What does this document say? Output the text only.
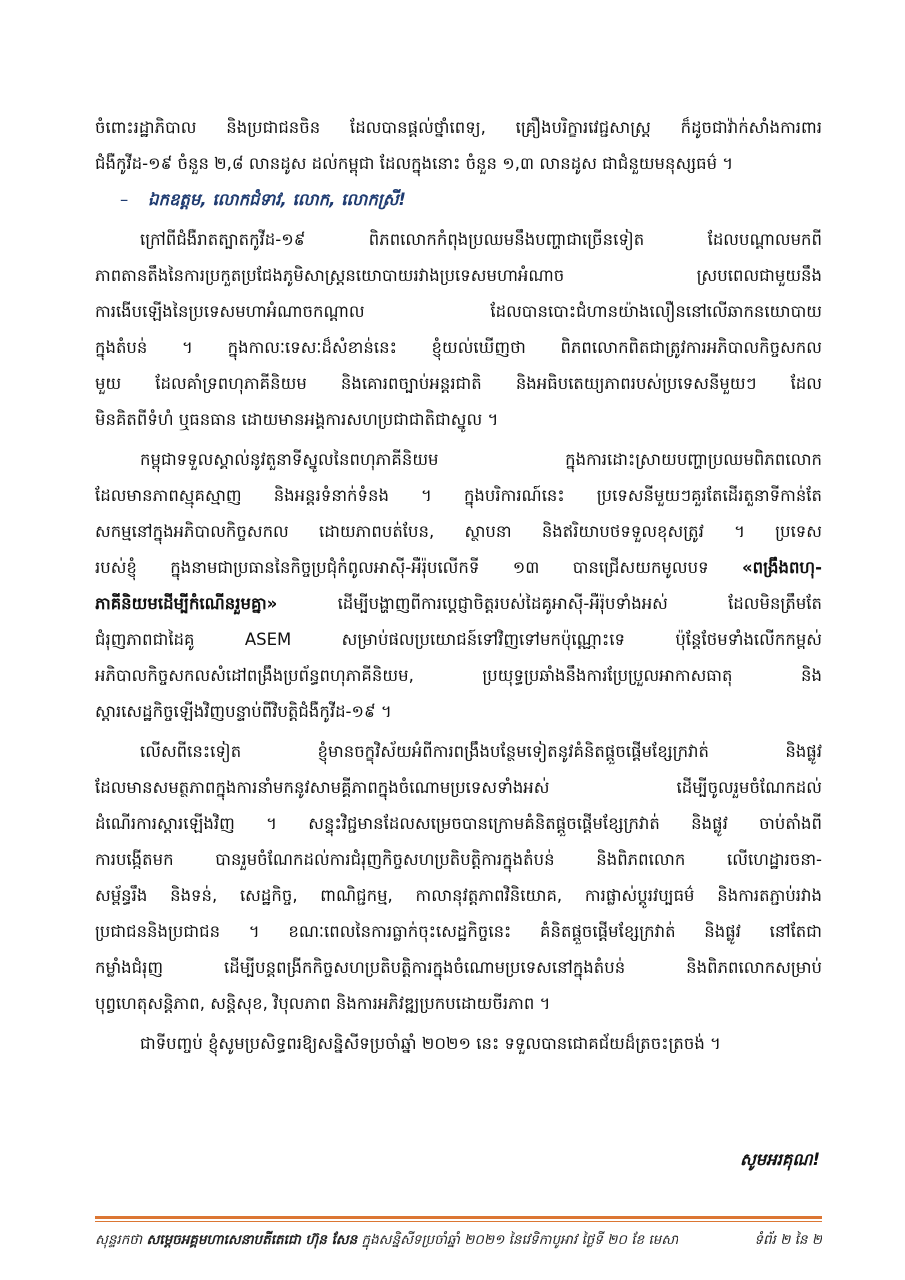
ចំពោះរដ្ឋាភិបាល និងប្រជាជនចិន ដែលបានផ្តល់ថ្នាំពេទ្យ, គ្រឿងបរិក្ខារវេជ្ជសាស្ត្រ ក៏ដូចជាវ៉ាក់សាំងការពារ
ជំងឺកូវីដ-១៩ ចំនួន ២,៨ លានដូស ដល់កម្ពុជា ដែលក្នុងនោះ ចំនួន ១,៣ លានដូស ជាជំនួយមនុស្សធម៌ ។
– ឯកឧត្តម, លោកជំទាវ, លោក, លោកស្រី!
ក្រៅពីជំងឺរាតត្បាតកូវីដ-១៩ ពិភពលោកកំពុងប្រឈមនឹងបញ្ហាជាច្រើនទៀត ដែលបណ្តាលមកពី
ភាពតានតឹងនៃការប្រកួតប្រជែងភូមិសាស្ត្រនយោបាយរវាងប្រទេសមហាអំណាច ស្របពេលជាមួយនឹង
ការងើបឡើងនៃប្រទេសមហាអំណាចកណ្តាល ដែលបានបោះជំហានយ៉ាងលឿននៅលើឆាកនយោបាយ
ក្នុងតំបន់ ។ ក្នុងកាលៈទេសៈដ៏សំខាន់នេះ ខ្ញុំយល់ឃើញថា ពិភពលោកពិតជាត្រូវការអភិបាលកិច្ចសកល
មួយ ដែលគាំទ្រពហុភាគីនិយម និងគោរពច្បាប់អន្តរជាតិ និងអធិបតេយ្យភាពរបស់ប្រទេសនីមួយៗ ដែល
មិនគិតពីទំហំ ឬធនធាន ដោយមានអង្គការសហប្រជាជាតិជាស្នូល ។
កម្ពុជាទទួលស្គាល់នូវតួនាទីស្នូលនៃពហុភាគីនិយម ក្នុងការដោះស្រាយបញ្ហាប្រឈមពិភពលោក
ដែលមានភាពស្មុគស្មាញ និងអន្តរទំនាក់ទំនង ។ ក្នុងបរិការណ៍នេះ ប្រទេសនីមួយៗគួរតែដើរតួនាទីកាន់តែ
សកម្មនៅក្នុងអភិបាលកិច្ចសកល ដោយភាពបត់បែន, ស្ថាបនា និងឥរិយាបថទទួលខុសត្រូវ ។ ប្រទេស
របស់ខ្ញុំ ក្នុងនាមជាប្រធាននៃកិច្ចប្រជុំកំពូលអាស៊ី-អឺរ៉ុបលើកទី ១៣ បានជ្រើសយកមូលបទ «ពង្រឹងពហុ-
ភាគីនិយមដើម្បីកំណើនរួមគ្នា»	ដើម្បីបង្ហាញពីការប្តេជ្ញាចិត្តរបស់ដៃគូអាស៊ី-អឺរ៉ុបទាំងអស់ ដែលមិនត្រឹមតែ
ជំរុញភាពជាដៃគូ ASEM សម្រាប់ផលប្រយោជន៍ទៅវិញទៅមកប៉ុណ្ណោះទេ ប៉ុន្តែថែមទាំងលើកកម្ពស់
អភិបាលកិច្ចសកលសំដៅពង្រឹងប្រព័ន្ធពហុភាគីនិយម, ប្រយុទ្ធប្រឆាំងនឹងការប្រែប្រួលអាកាសធាតុ និង
ស្តារសេដ្ឋកិច្ចឡើងវិញបន្ទាប់ពីវិបត្តិជំងឺកូវីដ-១៩ ។
លើសពីនេះទៀត ខ្ញុំមានចក្ខុវិស័យអំពីការពង្រឹងបន្ថែមទៀតនូវគំនិតផ្តួចផ្តើមខ្សែក្រវាត់ និងផ្លូវ
ដែលមានសមត្ថភាពក្នុងការនាំមកនូវសាមគ្គីភាពក្នុងចំណោមប្រទេសទាំងអស់ ដើម្បីចូលរួមចំណែកដល់
ដំណើរការស្តារឡើងវិញ ។ សន្ទុះវិជ្ជមានដែលសម្រេចបានក្រោមគំនិតផ្តួចផ្តើមខ្សែក្រវាត់ និងផ្លូវ ចាប់តាំងពី
ការបង្កើតមក បានរួមចំណែកដល់ការជំរុញកិច្ចសហប្រតិបត្តិការក្នុងតំបន់ និងពិភពលោក លើហេដ្ឋារចនា-
សម្ព័ន្ធរឹង និងទន់, សេដ្ឋកិច្ច, ពាណិជ្ជកម្ម, កាលានុវត្តភាពវិនិយោគ, ការផ្លាស់ប្តូរវប្បធម៌ និងការតភ្ជាប់រវាង
ប្រជាជននិងប្រជាជន ។ ខណៈពេលនៃការធ្លាក់ចុះសេដ្ឋកិច្ចនេះ គំនិតផ្តួចផ្តើមខ្សែក្រវាត់ និងផ្លូវ នៅតែជា
កម្លាំងជំរុញ ដើម្បីបន្តពង្រីកកិច្ចសហប្រតិបត្តិការក្នុងចំណោមប្រទេសនៅក្នុងតំបន់ និងពិភពលោកសម្រាប់
បុព្វហេតុសន្តិភាព, សន្តិសុខ, វិបុលភាព និងការអភិវឌ្ឍប្រកបដោយចីរភាព ។
ជាទីបញ្ចប់ ខ្ញុំសូមប្រសិទ្ធពរឱ្យសន្និសីទប្រចាំឆ្នាំ ២០២១ នេះ ទទួលបានជោគជ័យដ៏ត្រចះត្រចង់ ។
សូមអរគុណ!
សុន្ទរកថា សម្តេចអគ្គមហាសេនាបតីតេជោ ហ៊ុន សែន ក្នុងសន្និសីទប្រចាំឆ្នាំ ២០២១ នៃវេទិកាបូអាវ ថ្ងៃទី ២០ ខែ មេសា	ទំព័រ ២ នៃ ២
